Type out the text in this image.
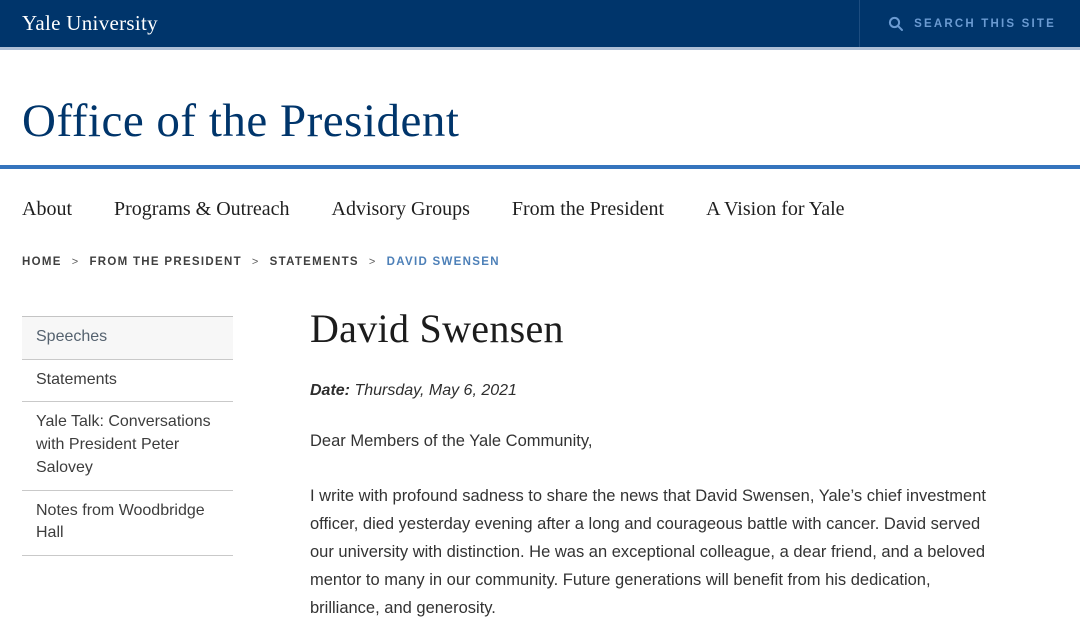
Yale University	SEARCH THIS SITE
Office of the President
About Programs & Outreach Advisory Groups From the President A Vision for Yale
HOME > FROM THE PRESIDENT > STATEMENTS > DAVID SWENSEN
Speeches
Statements
Yale Talk: Conversations with President Peter Salovey
Notes from Woodbridge Hall
David Swensen

Date: Thursday, May 6, 2021

Dear Members of the Yale Community,

I write with profound sadness to share the news that David Swensen, Yale’s chief investment officer, died yesterday evening after a long and courageous battle with cancer. David served our university with distinction. He was an exceptional colleague, a dear friend, and a beloved mentor to many in our community. Future generations will benefit from his dedication, brilliance, and generosity.
